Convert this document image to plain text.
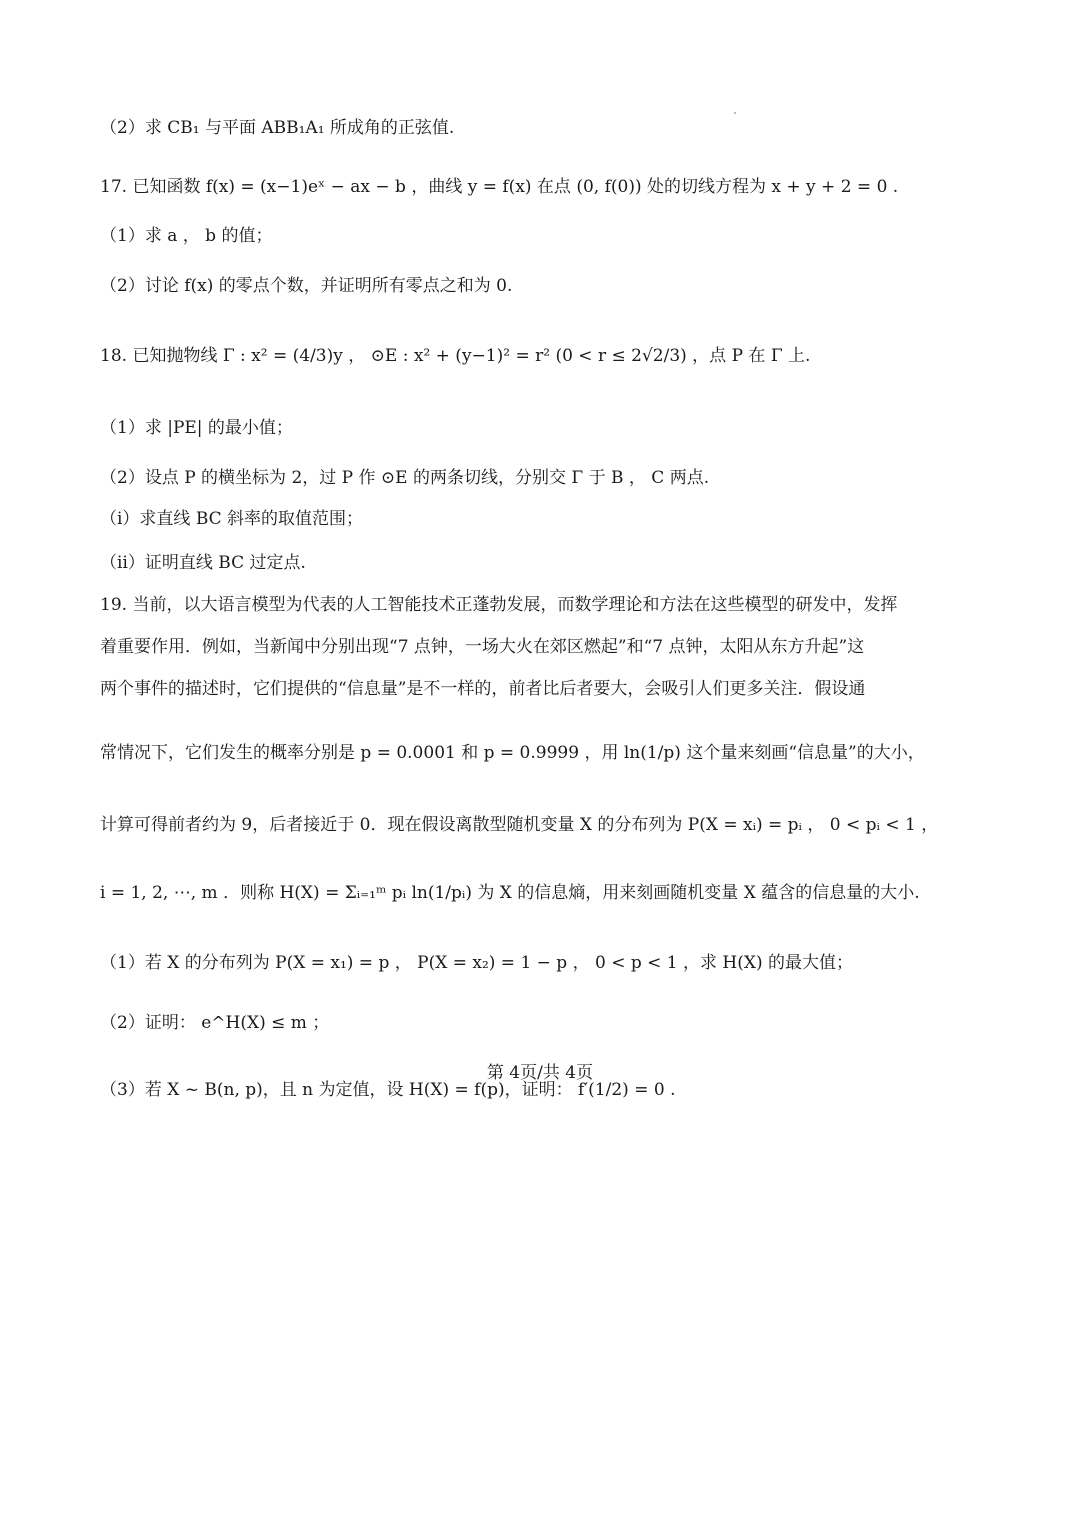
（2）求 CB₁ 与平面 ABB₁A₁ 所成角的正弦值.
17. 已知函数 f(x) = (x−1)eˣ − ax − b ，曲线 y = f(x) 在点 (0, f(0)) 处的切线方程为 x + y + 2 = 0 .
（1）求 a ， b 的值；
（2）讨论 f(x) 的零点个数，并证明所有零点之和为 0.
18. 已知抛物线 Γ : x² = (4/3)y ， ⊙E : x² + (y−1)² = r² (0 < r ≤ 2√2/3) ，点 P 在 Γ 上.
（1）求 |PE| 的最小值；
（2）设点 P 的横坐标为 2，过 P 作 ⊙E 的两条切线，分别交 Γ 于 B ， C 两点.
（ⅰ）求直线 BC 斜率的取值范围；
（ⅱ）证明直线 BC 过定点.
19. 当前，以大语言模型为代表的人工智能技术正蓬勃发展，而数学理论和方法在这些模型的研发中，发挥
着重要作用．例如，当新闻中分别出现“7 点钟，一场大火在郊区燃起”和“7 点钟，太阳从东方升起”这
两个事件的描述时，它们提供的“信息量”是不一样的，前者比后者要大，会吸引人们更多关注．假设通
常情况下，它们发生的概率分别是 p = 0.0001 和 p = 0.9999 ，用 ln(1/p) 这个量来刻画“信息量”的大小，
计算可得前者约为 9，后者接近于 0．现在假设离散型随机变量 X 的分布列为 P(X = xᵢ) = pᵢ ， 0 < pᵢ < 1 ，
i = 1, 2, ⋯, m ．则称 H(X) = Σᵢ₌₁ᵐ pᵢ ln(1/pᵢ) 为 X 的信息熵，用来刻画随机变量 X 蕴含的信息量的大小.
（1）若 X 的分布列为 P(X = x₁) = p ， P(X = x₂) = 1 − p ， 0 < p < 1 ，求 H(X) 的最大值；
（2）证明： e^H(X) ≤ m ；
（3）若 X ~ B(n, p)，且 n 为定值，设 H(X) = f(p)，证明： f′(1/2) = 0 .
第 4页/共 4页
